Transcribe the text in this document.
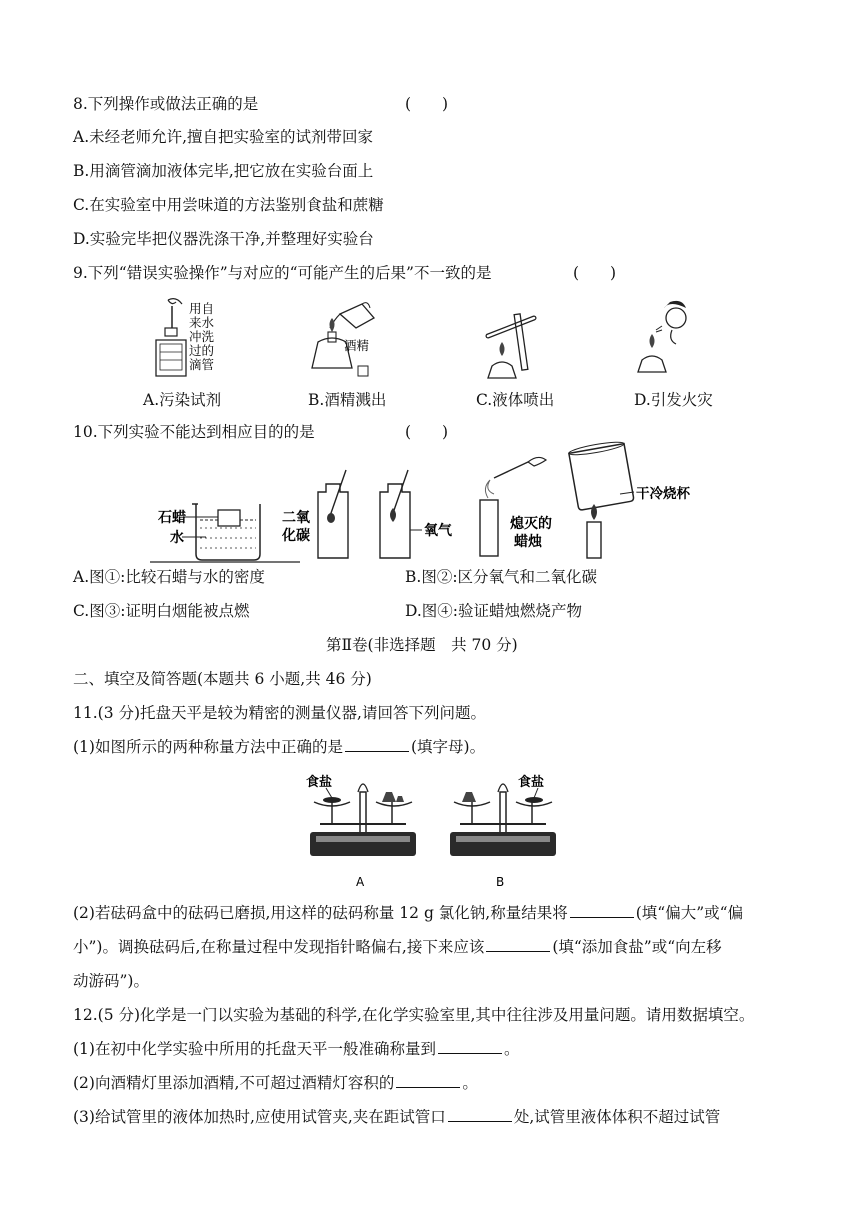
8.下列操作或做法正确的是	(　　)
A.未经老师允许,擅自把实验室的试剂带回家
B.用滴管滴加液体完毕,把它放在实验台面上
C.在实验室中用尝味道的方法鉴别食盐和蔗糖
D.实验完毕把仪器洗涤干净,并整理好实验台
9.下列“错误实验操作”与对应的“可能产生的后果”不一致的是	(　　)
用自
来水
冲洗
过的
滴管
酒精
A.污染试剂	B.酒精溅出	C.液体喷出	D.引发火灾
10.下列实验不能达到相应目的的是	(　　)
石蜡
水
二氧
化碳	氧气	熄灭的
蜡烛
干冷烧杯
A.图①:比较石蜡与水的密度	B.图②:区分氧气和二氧化碳
C.图③:证明白烟能被点燃	D.图④:验证蜡烛燃烧产物
第Ⅱ卷(非选择题　共 70 分)
二、填空及简答题(本题共 6 小题,共 46 分)
11.(3 分)托盘天平是较为精密的测量仪器,请回答下列问题。
(1)如图所示的两种称量方法中正确的是	(填字母)。
食盐
A
食盐
B
(2)若砝码盒中的砝码已磨损,用这样的砝码称量 12 g 氯化钠,称量结果将	(填“偏大”或“偏
小”)。调换砝码后,在称量过程中发现指针略偏右,接下来应该	(填“添加食盐”或“向左移
动游码”)。
12.(5 分)化学是一门以实验为基础的科学,在化学实验室里,其中往往涉及用量问题。请用数据填空。
(1)在初中化学实验中所用的托盘天平一般准确称量到	。
(2)向酒精灯里添加酒精,不可超过酒精灯容积的	。
(3)给试管里的液体加热时,应使用试管夹,夹在距试管口	处,试管里液体体积不超过试管
